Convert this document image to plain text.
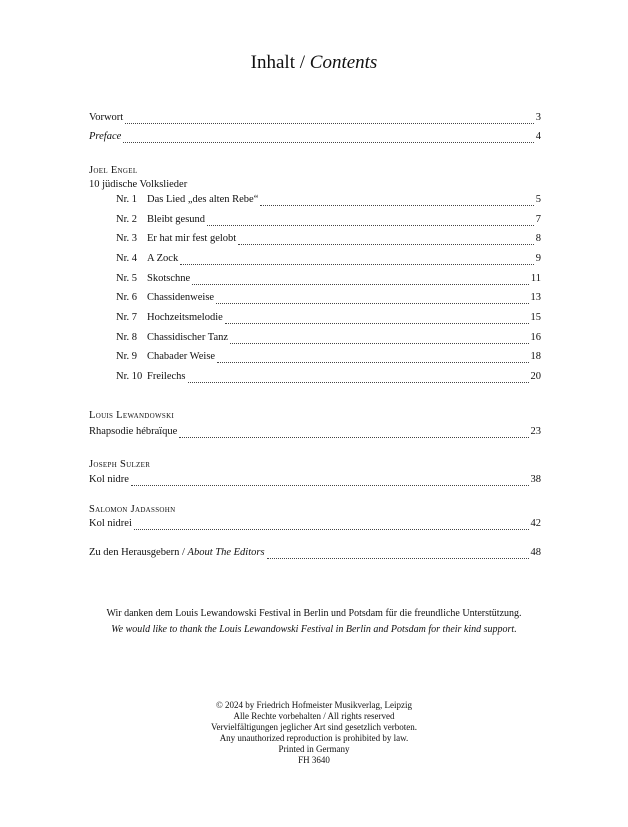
Inhalt / Contents
Vorwort	3
Preface	4
Joel Engel
10 jüdische Volkslieder
Nr. 1 Das Lied „des alten Rebe“	5
Nr. 2 Bleibt gesund	7
Nr. 3 Er hat mir fest gelobt	8
Nr. 4 A Zock	9
Nr. 5 Skotschne	11
Nr. 6 Chassidenweise	13
Nr. 7 Hochzeitsmelodie	15
Nr. 8 Chassidischer Tanz	16
Nr. 9 Chabader Weise	18
Nr. 10 Freilechs	20
Louis Lewandowski
Rhapsodie hébraïque	23
Joseph Sulzer
Kol nidre	38
Salomon Jadassohn
Kol nidrei	42
Zu den Herausgebern / About The Editors	48
Wir danken dem Louis Lewandowski Festival in Berlin und Potsdam für die freundliche Unterstützung.
We would like to thank the Louis Lewandowski Festival in Berlin and Potsdam for their kind support.
© 2024 by Friedrich Hofmeister Musikverlag, Leipzig
Alle Rechte vorbehalten / All rights reserved
Vervielfältigungen jeglicher Art sind gesetzlich verboten.
Any unauthorized reproduction is prohibited by law.
Printed in Germany
FH 3640
